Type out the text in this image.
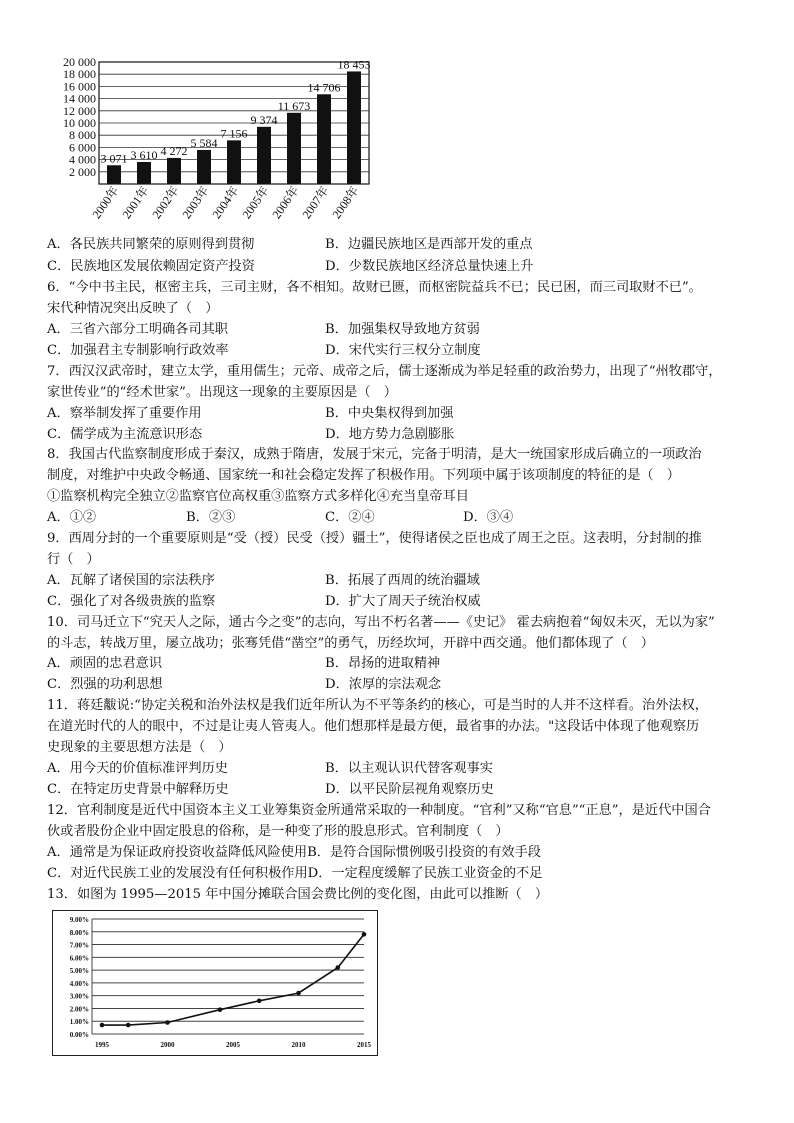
2 000
4 000
6 000
8 000
10 000
12 000
14 000
16 000
18 000
20 000
3 071 3 610 4 272
5 584
7 156
9 374
11 673
14 706
18 453
2000年
2001年
2002年
2003年
2004年
2005年
2006年
2007年
2008年
A．各民族共同繁荣的原则得到贯彻	B．边疆民族地区是西部开发的重点
C．民族地区发展依赖固定资产投资	D．少数民族地区经济总量快速上升
6．“今中书主民，枢密主兵，三司主财，各不相知。故财已匮，而枢密院益兵不已；民已困，而三司取财不已”。
宋代种情况突出反映了（　）
A．三省六部分工明确各司其职	B．加强集权导致地方贫弱
C．加强君主专制影响行政效率	D．宋代实行三权分立制度
7．西汉汉武帝时，建立太学，重用儒生；元帝、成帝之后，儒士逐渐成为举足轻重的政治势力，出现了“州牧郡守，
家世传业”的“经术世家”。出现这一现象的主要原因是（　）
A．察举制发挥了重要作用	B．中央集权得到加强
C．儒学成为主流意识形态	D．地方势力急剧膨胀
8．我国古代监察制度形成于秦汉，成熟于隋唐，发展于宋元，完备于明清，是大一统国家形成后确立的一项政治
制度，对维护中央政令畅通、国家统一和社会稳定发挥了积极作用。下列项中属于该项制度的特征的是（　）
①监察机构完全独立②监察官位高权重③监察方式多样化④充当皇帝耳目
A．①②	B．②③	C．②④	D．③④
9．西周分封的一个重要原则是“受（授）民受（授）疆土”，使得诸侯之臣也成了周王之臣。这表明，分封制的推
行（　）
A．瓦解了诸侯国的宗法秩序	B．拓展了西周的统治疆域
C．强化了对各级贵族的监察	D．扩大了周天子统治权威
10．司马迁立下“究天人之际，通古今之变”的志向，写出不朽名著——《史记》 霍去病抱着“匈奴未灭，无以为家”
的斗志，转战万里，屡立战功；张骞凭借“凿空”的勇气，历经坎坷，开辟中西交通。他们都体现了（　）
A．顽固的忠君意识	B．昂扬的进取精神
C．烈强的功利思想	D．浓厚的宗法观念
11．蒋廷黻说:“协定关税和治外法权是我们近年所认为不平等条约的核心，可是当时的人并不这样看。治外法权，
在道光时代的人的眼中，不过是让夷人管夷人。他们想那样是最方便，最省事的办法。"这段话中体现了他观察历
史现象的主要思想方法是（　）
A．用今天的价值标准评判历史	B．以主观认识代替客观事实
C．在特定历史背景中解释历史	D．以平民阶层视角观察历史
12．官利制度是近代中国资本主义工业筹集资金所通常采取的一种制度。“官利”又称“官息”“正息”，是近代中国合
伙或者股份企业中固定股息的俗称，是一种变了形的股息形式。官利制度（　）
A．通常是为保证政府投资收益降低风险使用B．是符合国际惯例吸引投资的有效手段
C．对近代民族工业的发展没有任何积极作用D．一定程度缓解了民族工业资金的不足
13．如图为 1995—2015 年中国分摊联合国会费比例的变化图，由此可以推断（　）
0.00%
1.00%
2.00%
3.00%
4.00%
5.00%
6.00%
7.00%
8.00%
9.00%
1995	2000	2005	2010	2015
